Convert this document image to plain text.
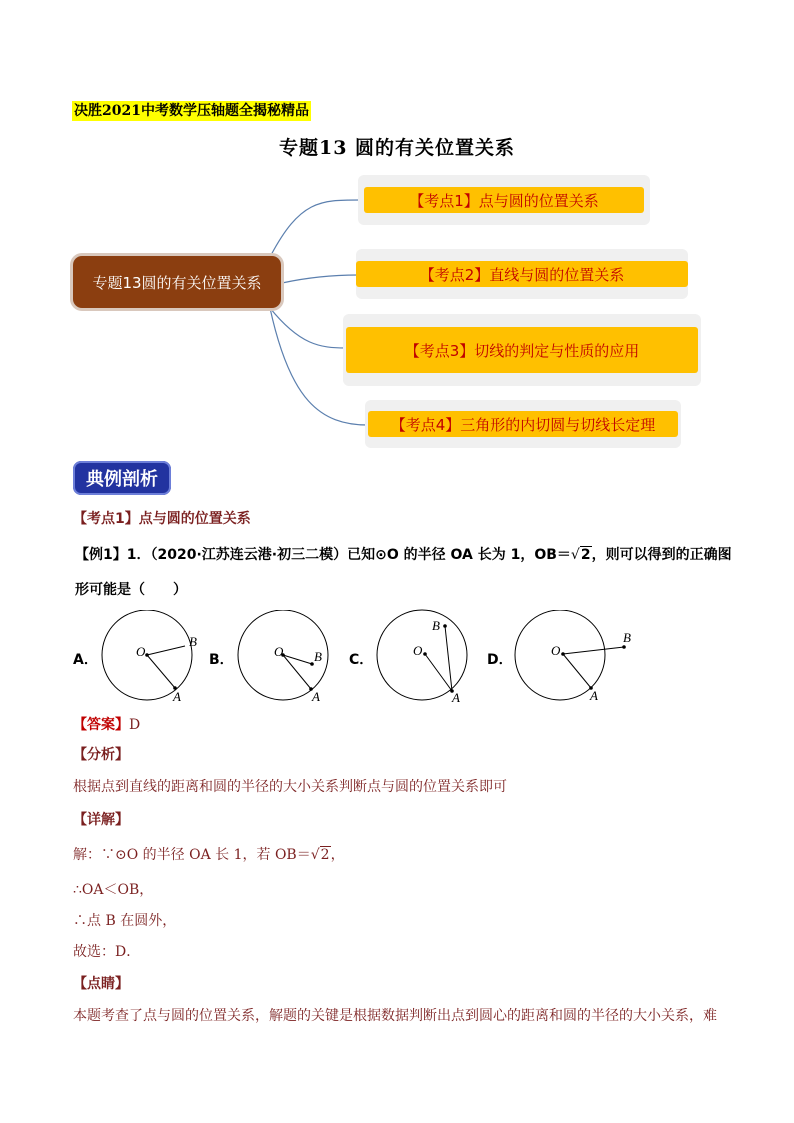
决胜2021中考数学压轴题全揭秘精品
专题13 圆的有关位置关系
专题13圆的有关位置关系
【考点1】点与圆的位置关系
【考点2】直线与圆的位置关系
【考点3】切线的判定与性质的应用
【考点4】三角形的内切圆与切线长定理
典例剖析
【考点1】点与圆的位置关系
【例1】1．（2020·江苏连云港·初三二模）已知⊙O 的半径 OA 长为 1，OB＝√2，则可以得到的正确图
形可能是（　　）
A．
O
B
A
B．
O B
A
C．
O
B
A
D．
O
B
A
【答案】D
【分析】
根据点到直线的距离和圆的半径的大小关系判断点与圆的位置关系即可
【详解】
解：∵⊙O 的半径 OA 长 1，若 OB＝√2，
∴OA＜OB，
∴点 B 在圆外，
故选：D．
【点睛】
本题考查了点与圆的位置关系，解题的关键是根据数据判断出点到圆心的距离和圆的半径的大小关系，难
